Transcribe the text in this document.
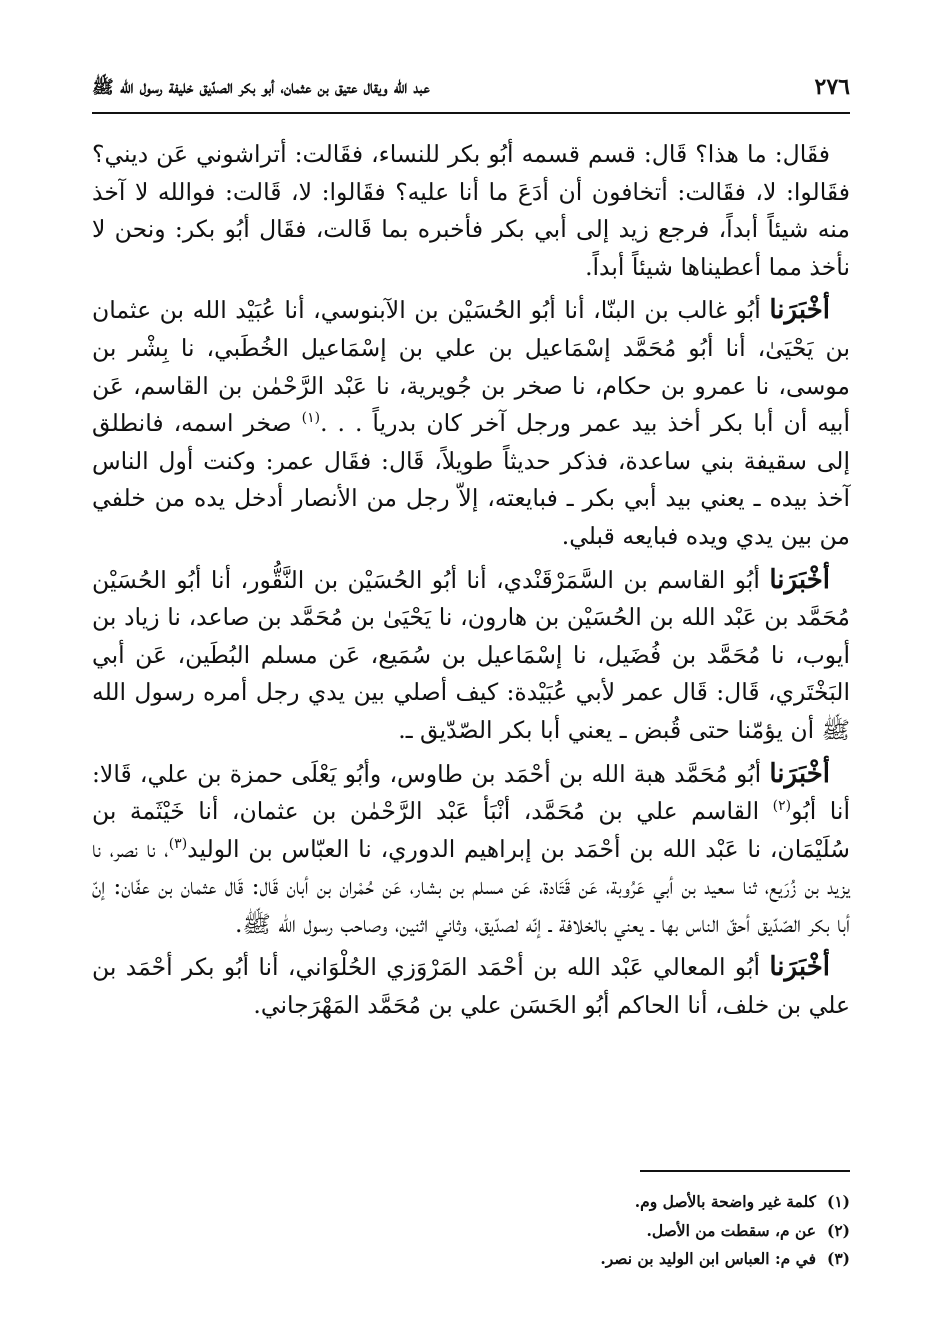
٢٧٦
عبد الله ويقال عتيق بن عثمان، أبو بكر الصدّيق خليفة رسول الله ﷺ

فقَال: ما هذا؟ قَال: قسم قسمه أبُو بكر للنساء، فقَالت: أتراشوني عَن ديني؟ فقَالوا: لا، فقَالت: أتخافون أن أدَعَ ما أنا عليه؟ فقَالوا: لا، قَالت: فوالله لا آخذ منه شيئاً أبداً، فرجع زيد إلى أبي بكر فأخبره بما قَالت، فقَال أبُو بكر: ونحن لا نأخذ مما أعطيناها شيئاً أبداً.

أخْبَرَنا أبُو غالب بن البنّا، أنا أبُو الحُسَيْن بن الآبنوسي، أنا عُبَيْد الله بن عثمان بن يَحْيَىٰ، أنا أبُو مُحَمَّد إسْمَاعيل بن علي بن إسْمَاعيل الخُطَبي، نا بِشْر بن موسى، نا عمرو بن حكام، نا صخر بن جُويرية، نا عَبْد الرَّحْمٰن بن القاسم، عَن أبيه أن أبا بكر أخذ بيد عمر ورجل آخر كان بدرياً . . .$^{(١)}$ صخر اسمه، فانطلق إلى سقيفة بني ساعدة، فذكر حديثاً طويلاً، قَال: فقَال عمر: وكنت أول الناس آخذ بيده ـ يعني بيد أبي بكر ـ فبايعته، إلاّ رجل من الأنصار أدخل يده من خلفي من بين يدي ويده فبايعه قبلي.

أخْبَرَنا أبُو القاسم بن السَّمَرْقَنْدي، أنا أبُو الحُسَيْن بن النَّقُّور، أنا أبُو الحُسَيْن مُحَمَّد بن عَبْد الله بن الحُسَيْن بن هارون، نا يَحْيَىٰ بن مُحَمَّد بن صاعد، نا زياد بن أيوب، نا مُحَمَّد بن فُضَيل، نا إسْمَاعيل بن سُمَيع، عَن مسلم البُطَين، عَن أبي البَخْتَري، قَال: قَال عمر لأبي عُبَيْدة: كيف أصلي بين يدي رجل أمره رسول الله ﷺ أن يؤمّنا حتى قُبض ـ يعني أبا بكر الصّدّيق ـ.

أخْبَرَنا أبُو مُحَمَّد هبة الله بن أحْمَد بن طاوس، وأبُو يَعْلَى حمزة بن علي، قَالا: أنا أبُو$^{(٢)}$ القاسم علي بن مُحَمَّد، أنْبَأ عَبْد الرَّحْمٰن بن عثمان، أنا خَيْثَمة بن سُلَيْمَان، نا عَبْد الله بن أحْمَد بن إبراهيم الدوري، نا العبّاس بن الوليد$^{(٣)}$، نا نصر، نا يزيد بن زُرَيع، ثنا سعيد بن أبي عَرُوبة، عَن قَتَادة، عَن مسلم بن بشار، عَن حُمْران بن أبان قَال: قَال عثمان بن عفّان: إنّ أبا بكر الصّدّيق أحقّ الناس بها ـ يعني بالخلافة ـ إنّه لصدّيق، وثاني اثنين، وصاحب رسول الله ﷺ.

أخْبَرَنا أبُو المعالي عَبْد الله بن أحْمَد المَرْوَزي الحُلْوَاني، أنا أبُو بكر أحْمَد بن علي بن خلف، أنا الحاكم أبُو الحَسَن علي بن مُحَمَّد المَهْرَجاني.

(١)كلمة غير واضحة بالأصل وم.
(٢)عن م، سقطت من الأصل.
(٣)في م: العباس ابن الوليد بن نصر.
